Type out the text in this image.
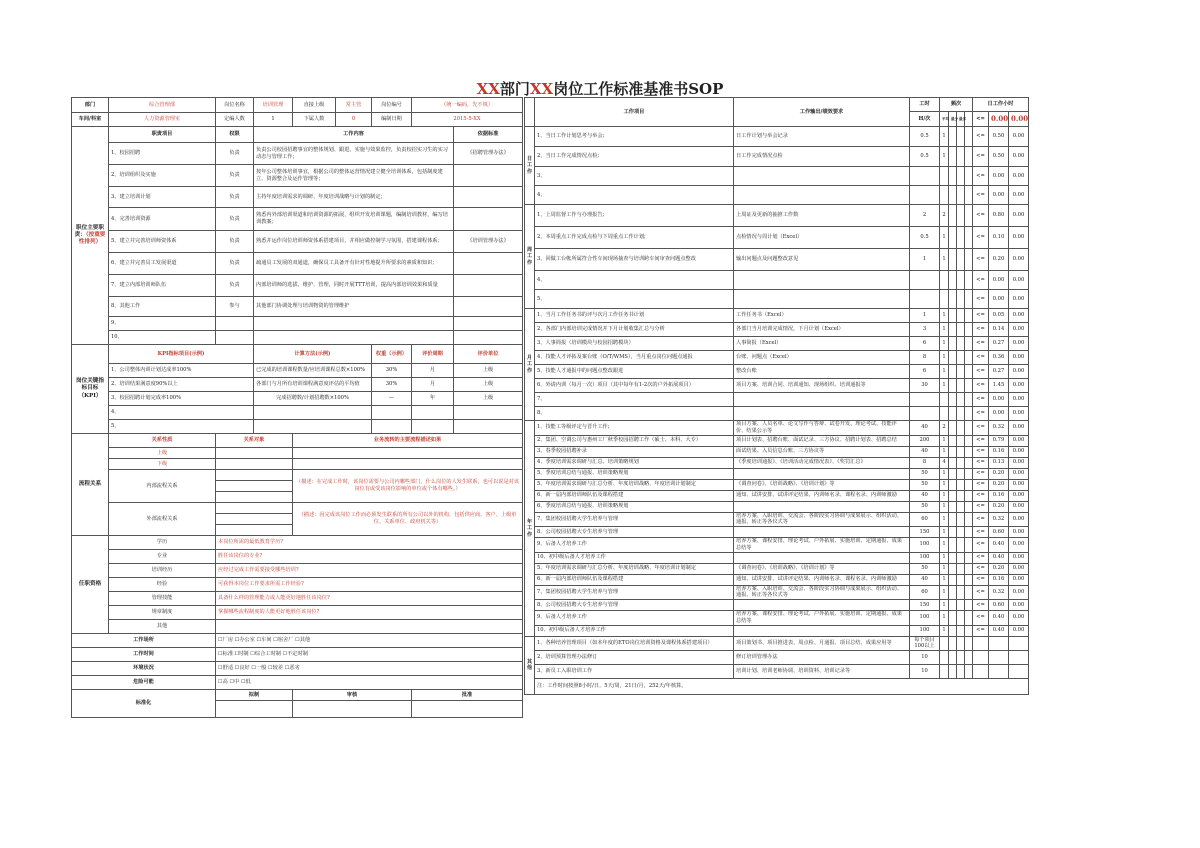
XX部门XX岗位工作标准基准书SOP
部门	综合管理部	岗位名称	培训管理	直接上级	常主管	岗位编号	（统一编码，先不填）	
车间/科室	人力资源管理室	定编人数	1	下属人数	0	编制日期	2015-5-XX	
职位主要职责：（按重要性排列）	职责项目	权限	工作内容					依据标准
	1、校园招聘	负责	负责公司校园招聘事宜的整体规划、跟进，实施与效果监控，负责校招实习生的实习动态与管理工作；					《招聘管理办法》
	2、培训组织及实施	负责	按年公司整体培训事宜，根据公司的整体运营情况建立健全培训体系，包括制度建立、资源整合及运作管理等；					
	3、建立培训计划	负责	主持年度培训需求的调研、年度培训战略与计划的制定；					
	4、完善培训资源	负责	熟悉内外部培训渠道和培训资源的拓展，组织开发培训课题，编制培训教材，编写培训教案；					
	5、建立并完善培训师资体系	负责	熟悉并运作岗位培训师资体系搭建项目，并相应做控制学习氛围，搭建课程体系；					《培训管理办法》
	6、建立并完善员工发展渠道	负责	疏通员工发展的双通道，确保员工具备开有针对性地提升所要求的素质和知识；					
	7、建立内部培训师队伍	负责	内部培训师的选拔、维护、管理，同时开展TTT培训，提高内部培训效果和质量					
	8、其他工作	参与	其他部门协调处理与培训物资的管理维护					
	9、							
	10、							
岗位关键指标目标（KPI）	KPI指标项目(示例)		计算方法(示例)			权重（示例）	评价周期	评价单位
	1、公司整体内训计划达成率100%		已完成的培训课程数量/应培训课程总数×100%			30%	月	上级
	2、培训结果满意度90%以上		各部门与月所有培训课程满意度评估的平均值			30%	月	上级
	3、校园招聘计划完成率100%		完成招聘数/计划招聘数×100%			—	年	上级
	4、							
	5、							
流程关系	关系性质	关系对象		业务流转的主要流程描述如果				
	上级							
	下级							
	内部流程关系			（描述：在完成工作时，该岗位需要与公司内哪些部门，什么岗位的人发生联系，也可以说是对该岗位有或受该岗位影响的单位或个体有哪些。）				

	外部流程关系			（描述：因完成该岗位工作而必须发生联系的所有公司以外的机构，包括供应商、客户、上级单位、关系单位、政府机关等）				

任职资格	学历	本岗位所需的最低教育学历?						
	专业	胜任该岗位的专业?						
	培训经历	应经过完成工作需要接受哪些培训?						
	经验	可获得本岗位工作要求所需工作经验?						
	管理技能	具备什么样的管理能力或人能更好地胜任该岗位?						
	规章制度	掌握哪些流程制度的人能更好地胜任该岗位?						
	其他							
工作场所		☐厂房 ☐办公室 ☐车间 ☐宿舍厂 ☐其他						
工作时间		☐标准工时制 ☐综合工时制 ☐不定时制						
环境状况		☐舒适 ☐良好 ☐一般 ☐较差 ☐恶劣						
危险可能		☐高 ☐中 ☐低						
标准化		拟制		审核			批准	

	工作项目	工作输出/绩效要求	工时	频次				日工作小时		
			H/次	平均	最少	最多		<=	0.00	0.00
日工作	1、当日工作计划思考与举会;	日工作计划与举会记录	0.5	1				<=	0.50	0.00
	2、当日工作完成情况点检;	日工作完成情况点检	0.5	1				<=	0.50	0.00
	3、							<=	0.00	0.00
	4、							<=	0.00	0.00
周工作	1、上周监督工作与办理报告;	上周证及更新的抽推工作数	2	2				<=	0.80	0.00
	2、本周重点工作完成点检与下周重点工作计划;	点检情况与周计划（Excel）	0.5	1				<=	0.10	0.00
	3、回做工台帐所属符合性车间现场抽查与培训跨车间审查问题点整改	输出问题点及问题整改意见	1	1				<=	0.20	0.00
	4、							<=	0.00	0.00
	5、							<=	0.00	0.00
月工作	1、当月工作任务书的评与次月工作任务书计划	工作任务书（Excel）	1	1				<=	0.05	0.00
	2、各部门内部培训完成情况并下月计划收集汇总与分析	各部门当月培训完成情况，下月计划（Excel）	3	1				<=	0.14	0.00
	3、人事简报（培训模块与校园招聘模块）	人事简报（Excel）	6	1				<=	0.27	0.00
	4、技能人才评拓及案台账（O/T/WMS），当月重点岗位问题点通报	台账、问题点（Excel）	8	1				<=	0.36	0.00
	5、技能人才通报中的问题点整改跟进	整改台账	6	1				<=	0.27	0.00
	6、外请内训（每月一次）项目（其中每年有1-2次的户外拓展项目）	项目方案、培训合同、培训通知、现场组织、培训通报等	30	1				<=	1.45	0.00
	7、							<=	0.00	0.00
	8、							<=	0.00	0.00
年工作	1、技能工等级评定与晋升工作;	项目方案、人员名单、论文写作与答辩、试卷开发、理论考试、技能评价、结果公示等	40	2				<=	0.32	0.00
	2、集团、空调公司与惠州工厂秋季校园招聘工作（硕士、本科、大专）	项目计划表、招聘台账、面试记录、三方协议、招聘计划表、招聘总结	200	1				<=	0.79	0.00
	3、春季校园招聘补录	面试结果、入员信息台账、三方协议等	40	1				<=	0.16	0.00
	4、季度培训需求调研与汇总、培训策略规划	《季度培训通报》、《培训活动完成情况表》、《奖罚汇总》	8	4				<=	0.13	0.00
	5、季度培训总结与通报、培训策略规划		50	1				<=	0.20	0.00
	5、年度培训需求调研与汇总分析、年度培训战略、年度培训计划制定	《调查问卷》、《培训战略》、《培训计划》等	50	1				<=	0.20	0.00
	6、新一届内部培训师队伍及课程搭建	通知、试讲安排、试讲评定结果、内训师名录、课程名录、内训师激励	40	1				<=	0.16	0.00
	6、季度培训总结与通报、培训策略规划		50	1				<=	0.20	0.00
	7、集团校园招聘大学生培养与管理	培养方案、入职培训、交流会、各阶段实习协调与成果展示、组织活动、通报、转正等各仪式等	60	1				<=	0.32	0.00
	8、公司校园招聘大专生培养与管理		150	1				<=	0.60	0.00
	9、后备人才培养工作	培养方案、课程安排、理论考试、户外拓展、实施培训、定期通报、成果总结等	100	1				<=	0.40	0.00
	10、初中级后备人才培养工作		100	1				<=	0.40	0.00
	5、年度培训需求调研与汇总分析、年度培训战略、年度培训计划制定	《调查问卷》、《培训战略》、《培训计划》等	50	1				<=	0.20	0.00
	6、新一届内部培训师队伍及课程搭建	通知、试讲安排、试讲评定结果、内训师名录、课程名录、内训师激励	40	1				<=	0.16	0.00
	7、集团校园招聘大学生培养与管理	培养方案、入职培训、交流会、各阶段实习协调与成果展示、组织活动、通报、转正等各仪式等	60	1				<=	0.32	0.00
	8、公司校园招聘大专生培养与管理		150	1				<=	0.60	0.00
	9、后备人才培养工作	培养方案、课程安排、理论考试、户外拓展、实施培训、定期通报、成果总结等	100	1				<=	0.40	0.00
	10、初中级后备人才培养工作		100	1				<=	0.40	0.00
其他	1、各种培养管理项目（如本年度的ETO岗位培训资格及课程体系搭建项目）	项目策划书、项目推进表、周点检、月通报、项目总结、成果应用等	每个项目100以上							
	2、培训预算管理办法修订	修订培训管理办法	10							
	3、新员工入职培训工作	培训计划、培训老师协调、培训资料、培训记录等	10							
	注：工作时间按照8小时/日，5天/周，21日/月，252天/年核算。									
